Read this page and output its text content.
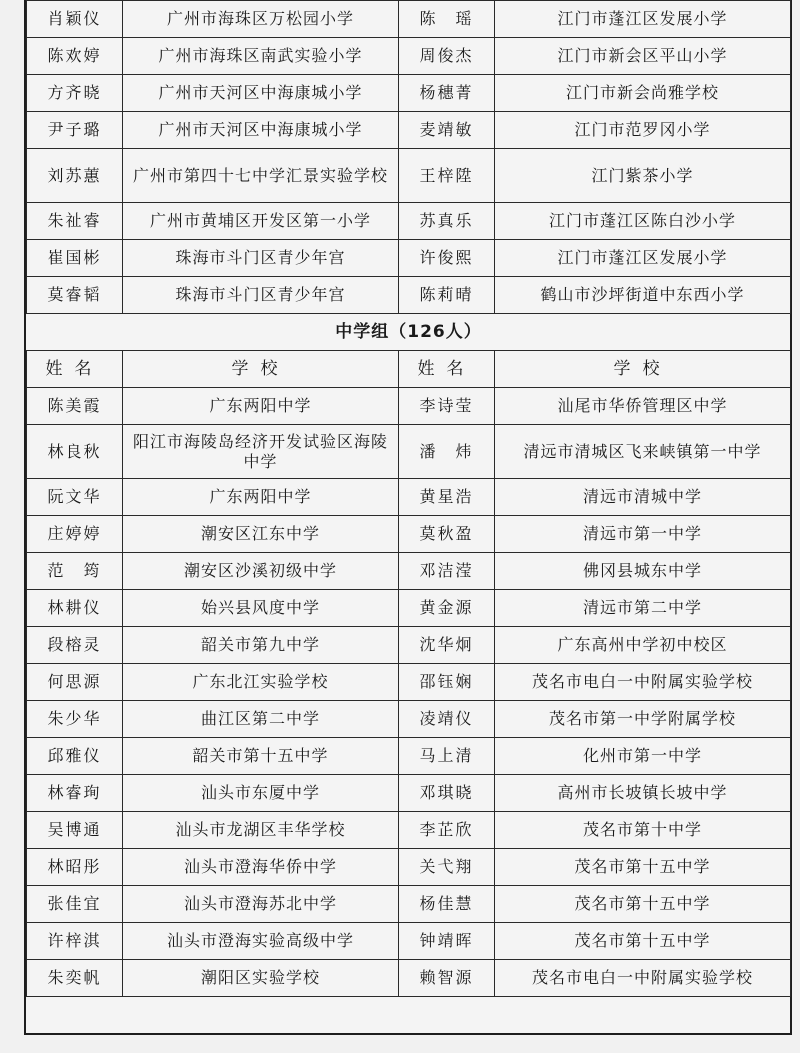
肖颖仪	广州市海珠区万松园小学	陈　瑶	江门市蓬江区发展小学
陈欢婷	广州市海珠区南武实验小学	周俊杰	江门市新会区平山小学
方齐晓	广州市天河区中海康城小学	杨穗菁	江门市新会尚雅学校
尹子璐	广州市天河区中海康城小学	麦靖敏	江门市范罗冈小学
刘苏蕙	广州市第四十七中学汇景实验学校	王梓陞	江门紫茶小学
朱祉睿	广州市黄埔区开发区第一小学	苏真乐	江门市蓬江区陈白沙小学
崔国彬	珠海市斗门区青少年宫	许俊熙	江门市蓬江区发展小学
莫睿韬	珠海市斗门区青少年宫	陈莉晴	鹤山市沙坪街道中东西小学
中学组（126人）			
姓名	学校	姓名	学校
陈美霞	广东两阳中学	李诗莹	汕尾市华侨管理区中学
林良秋	阳江市海陵岛经济开发试验区海陵中学	潘　炜	清远市清城区飞来峡镇第一中学
阮文华	广东两阳中学	黄星浩	清远市清城中学
庄婷婷	潮安区江东中学	莫秋盈	清远市第一中学
范　筠	潮安区沙溪初级中学	邓洁滢	佛冈县城东中学
林耕仪	始兴县风度中学	黄金源	清远市第二中学
段榕灵	韶关市第九中学	沈华炯	广东高州中学初中校区
何思源	广东北江实验学校	邵钰娴	茂名市电白一中附属实验学校
朱少华	曲江区第二中学	凌靖仪	茂名市第一中学附属学校
邱雅仪	韶关市第十五中学	马上清	化州市第一中学
林睿珣	汕头市东厦中学	邓琪晓	高州市长坡镇长坡中学
吴博通	汕头市龙湖区丰华学校	李芷欣	茂名市第十中学
林昭彤	汕头市澄海华侨中学	关弋翔	茂名市第十五中学
张佳宜	汕头市澄海苏北中学	杨佳慧	茂名市第十五中学
许梓淇	汕头市澄海实验高级中学	钟靖晖	茂名市第十五中学
朱奕帆	潮阳区实验学校	赖智源	茂名市电白一中附属实验学校
